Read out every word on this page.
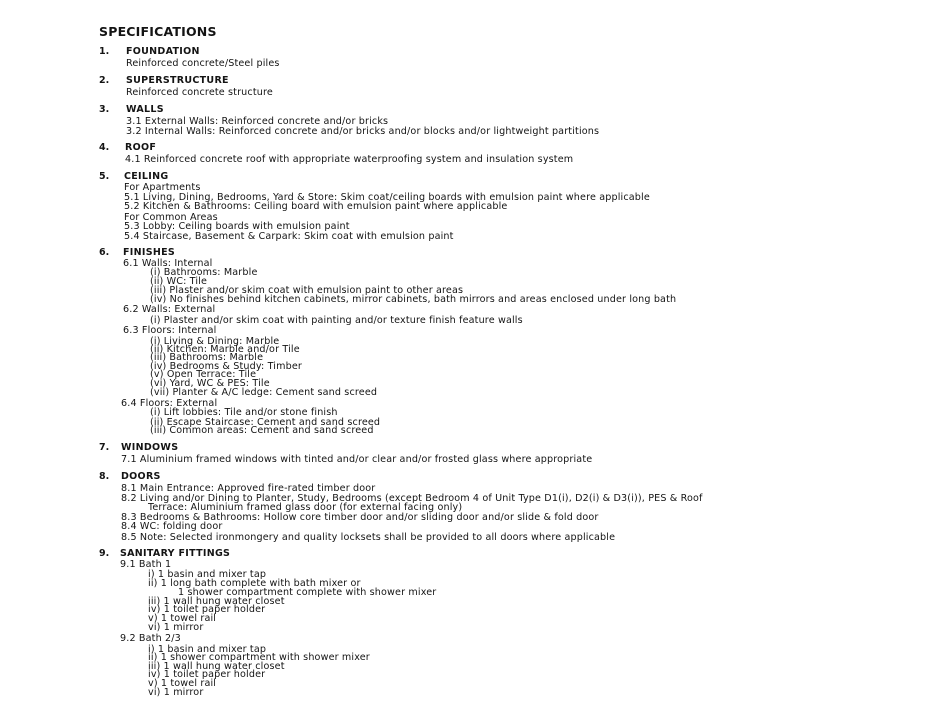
SPECIFICATIONS
1. FOUNDATION
Reinforced concrete/Steel piles
2. SUPERSTRUCTURE
Reinforced concrete structure
3. WALLS
3.1 External Walls: Reinforced concrete and/or bricks
3.2 Internal Walls: Reinforced concrete and/or bricks and/or blocks and/or lightweight partitions
4. ROOF
4.1 Reinforced concrete roof with appropriate waterproofing system and insulation system
5. CEILING
For Apartments
5.1 Living, Dining, Bedrooms, Yard & Store: Skim coat/ceiling boards with emulsion paint where applicable
5.2 Kitchen & Bathrooms: Ceiling board with emulsion paint where applicable
For Common Areas
5.3 Lobby: Ceiling boards with emulsion paint
5.4 Staircase, Basement & Carpark: Skim coat with emulsion paint
6. FINISHES
6.1 Walls: Internal
(i) Bathrooms: Marble
(ii) WC: Tile
(iii) Plaster and/or skim coat with emulsion paint to other areas
(iv) No finishes behind kitchen cabinets, mirror cabinets, bath mirrors and areas enclosed under long bath
6.2 Walls: External
(i) Plaster and/or skim coat with painting and/or texture finish feature walls
6.3 Floors: Internal
(i) Living & Dining: Marble
(ii) Kitchen: Marble and/or Tile
(iii) Bathrooms: Marble
(iv) Bedrooms & Study: Timber
(v) Open Terrace: Tile
(vi) Yard, WC & PES: Tile
(vii) Planter & A/C ledge: Cement sand screed
6.4 Floors: External
(i) Lift lobbies: Tile and/or stone finish
(ii) Escape Staircase: Cement and sand screed
(iii) Common areas: Cement and sand screed
7. WINDOWS
7.1 Aluminium framed windows with tinted and/or clear and/or frosted glass where appropriate
8. DOORS
8.1 Main Entrance: Approved fire-rated timber door
8.2 Living and/or Dining to Planter, Study, Bedrooms (except Bedroom 4 of Unit Type D1(i), D2(i) & D3(i)), PES & Roof
Terrace: Aluminium framed glass door (for external facing only)
8.3 Bedrooms & Bathrooms: Hollow core timber door and/or sliding door and/or slide & fold door
8.4 WC: folding door
8.5 Note: Selected ironmongery and quality locksets shall be provided to all doors where applicable
9. SANITARY FITTINGS
9.1 Bath 1
i) 1 basin and mixer tap
ii) 1 long bath complete with bath mixer or
1 shower compartment complete with shower mixer
iii) 1 wall hung water closet
iv) 1 toilet paper holder
v) 1 towel rail
vi) 1 mirror
9.2 Bath 2/3
i) 1 basin and mixer tap
ii) 1 shower compartment with shower mixer
iii) 1 wall hung water closet
iv) 1 toilet paper holder
v) 1 towel rail
vi) 1 mirror
